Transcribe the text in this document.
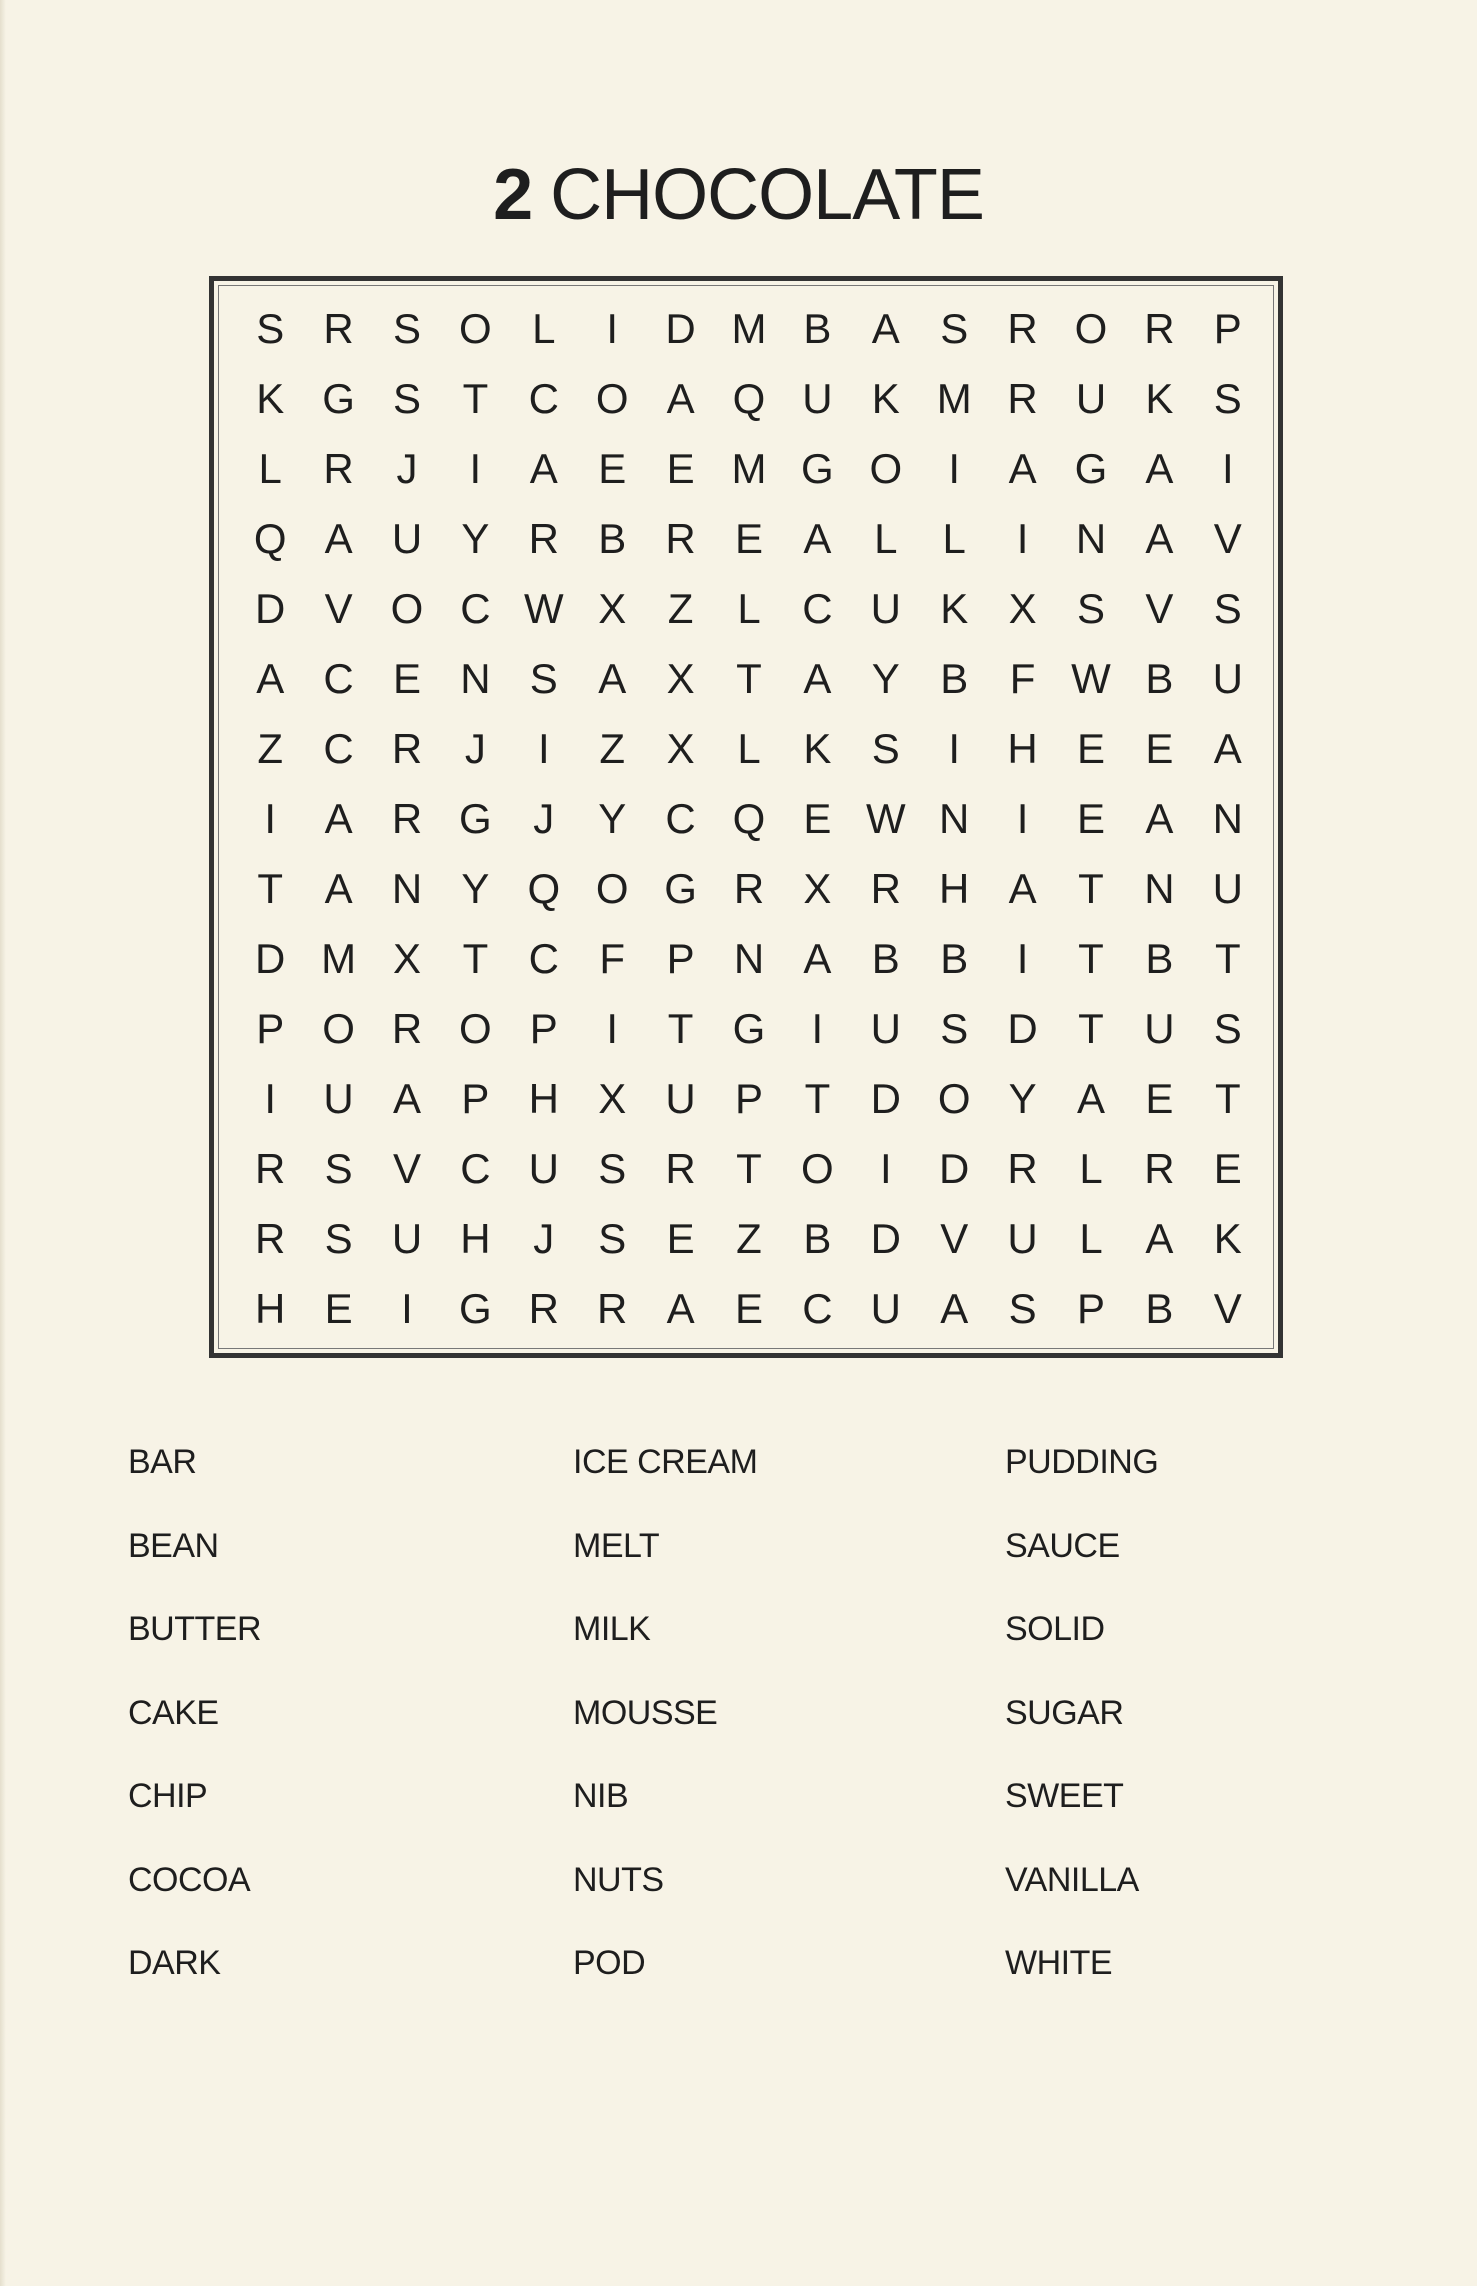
2 CHOCOLATE
S R S O L	I	D M B A S R O R P
K G S T C O A Q U K M R U K S
L R	J	I	A E E M G O	I	A G A	I
Q A U Y R B R E A	L	L	I	N A V
D V O C W X Z	L C U K X S V S
A C E N S A X T A Y B F W B U
Z C R	J	I	Z X	L	K S	I	H E E A
I	A R G J	Y C Q E W N	I	E A N
T A N Y Q O G R X R H A T N U
D M X T C F P N A B B	I	T B T
P O R O P	I	T G	I	U S D T U S
I	U A P H X U P T D O Y A E T
R S V C U S R T O	I	D R L R E
R S U H	J	S E Z B D V U L	A K
H E	I	G R R A E C U A S P B V
BAR
BEAN
BUTTER
CAKE
CHIP
COCOA
DARK
ICE CREAM
MELT
MILK
MOUSSE
NIB
NUTS
POD
PUDDING
SAUCE
SOLID
SUGAR
SWEET
VANILLA
WHITE
